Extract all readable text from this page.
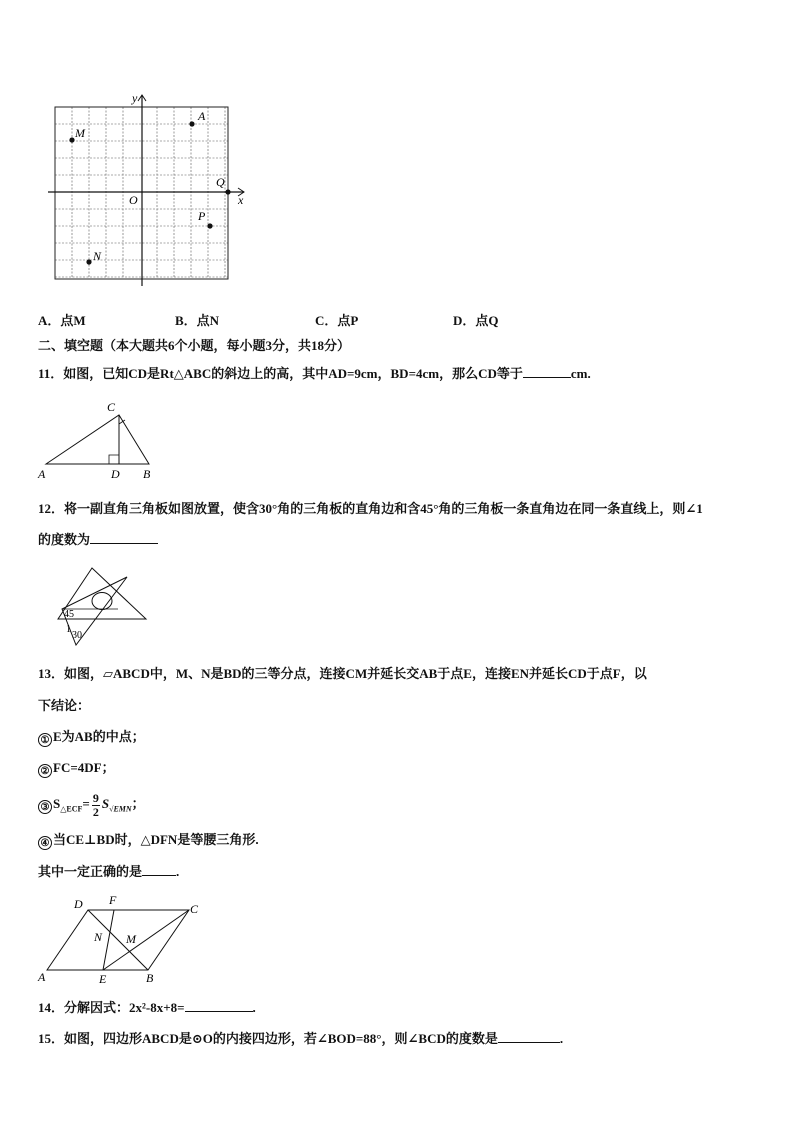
y
x
O
M
A
Q
P
N
A．点M	B．点N	C．点P	D．点Q
二、填空题（本大题共6个小题，每小题3分，共18分）
11．如图，已知CD是Rt△ABC的斜边上的高，其中AD=9cm，BD=4cm，那么CD等于	cm.
C
A	D B
12．将一副直角三角板如图放置，使含30°角的三角板的直角边和含45°角的三角板一条直角边在同一条直线上，则∠1
的度数为
45
1
30
13．如图，▱ABCD中，M、N是BD的三等分点，连接CM并延长交AB于点E，连接EN并延长CD于点F，以
下结论：
① E为AB的中点；
② FC=4DF；
③ $S_{\triangle ECF}= \frac{9}{2} S_{√EMN}$；
④ 当CE⊥BD时，△DFN是等腰三角形.
其中一定正确的是	.
D F
C
N M
A	E	B
14．分解因式：2x²-8x+8=	.
15．如图，四边形ABCD是⊙O的内接四边形，若∠BOD=88°，则∠BCD的度数是	.
